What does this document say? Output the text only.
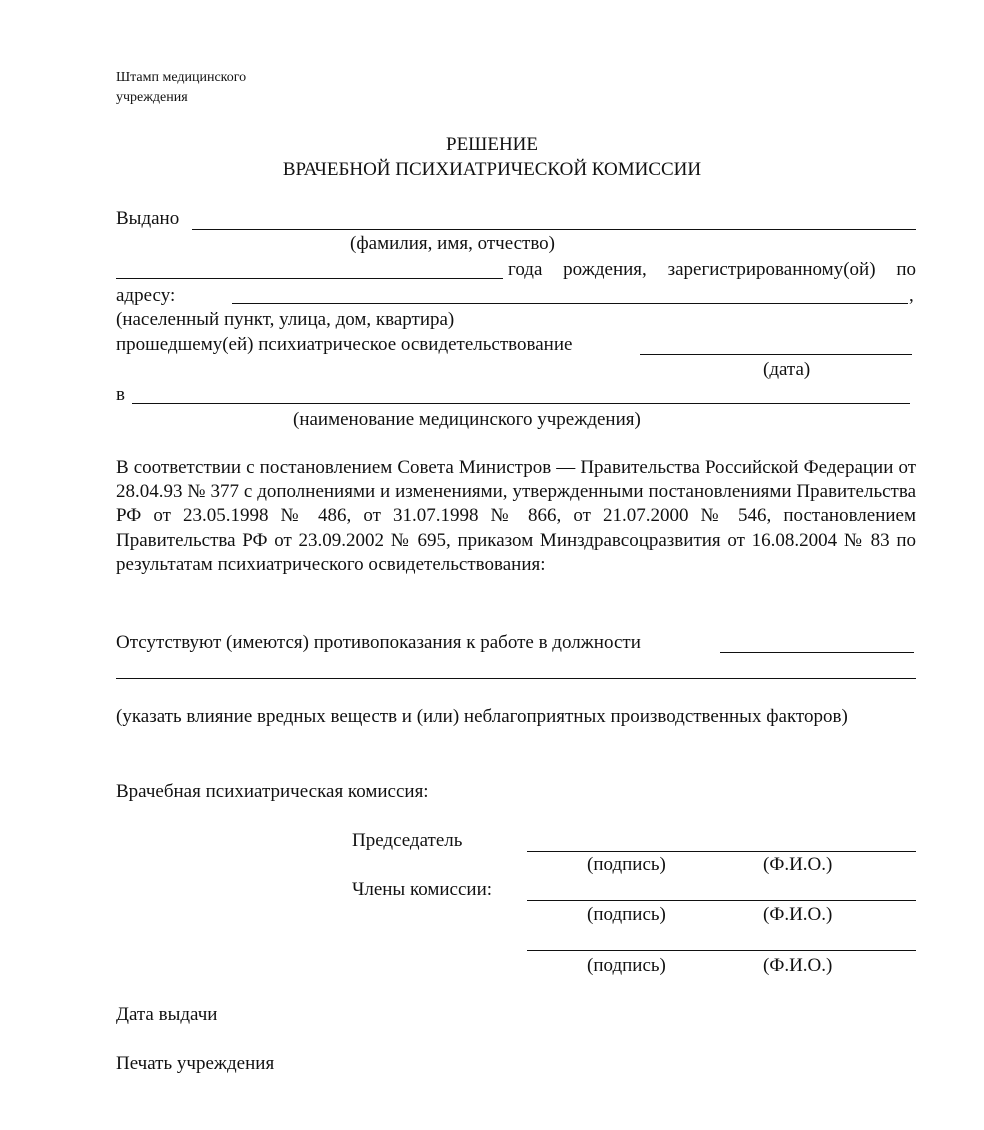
Штамп медицинского
учреждения
РЕШЕНИЕ
ВРАЧЕБНОЙ ПСИХИАТРИЧЕСКОЙ КОМИССИИ
Выдано
(фамилия, имя, отчество)
года рождения, зарегистрированному(ой) по
адресу:	,
(населенный пункт, улица, дом, квартира)
прошедшему(ей) психиатрическое освидетельствование
(дата)
в
(наименование медицинского учреждения)
В соответствии с постановлением Совета Министров — Правительства Российской Федерации от 28.04.93 № 377 с дополнениями и изменениями, утвержденными постановлениями Правительства РФ от 23.05.1998 № 486, от 31.07.1998 № 866, от 21.07.2000 № 546, постановлением Правительства РФ от 23.09.2002 № 695, приказом Минздравсоцразвития от 16.08.2004 № 83 по результатам психиатрического освидетельствования:
Отсутствуют (имеются) противопоказания к работе в должности
(указать влияние вредных веществ и (или) неблагоприятных производственных факторов)
Врачебная психиатрическая комиссия:
Председатель
(подпись)	(Ф.И.О.)
Члены комиссии:
(подпись)	(Ф.И.О.)
(подпись)	(Ф.И.О.)
Дата выдачи
Печать учреждения
